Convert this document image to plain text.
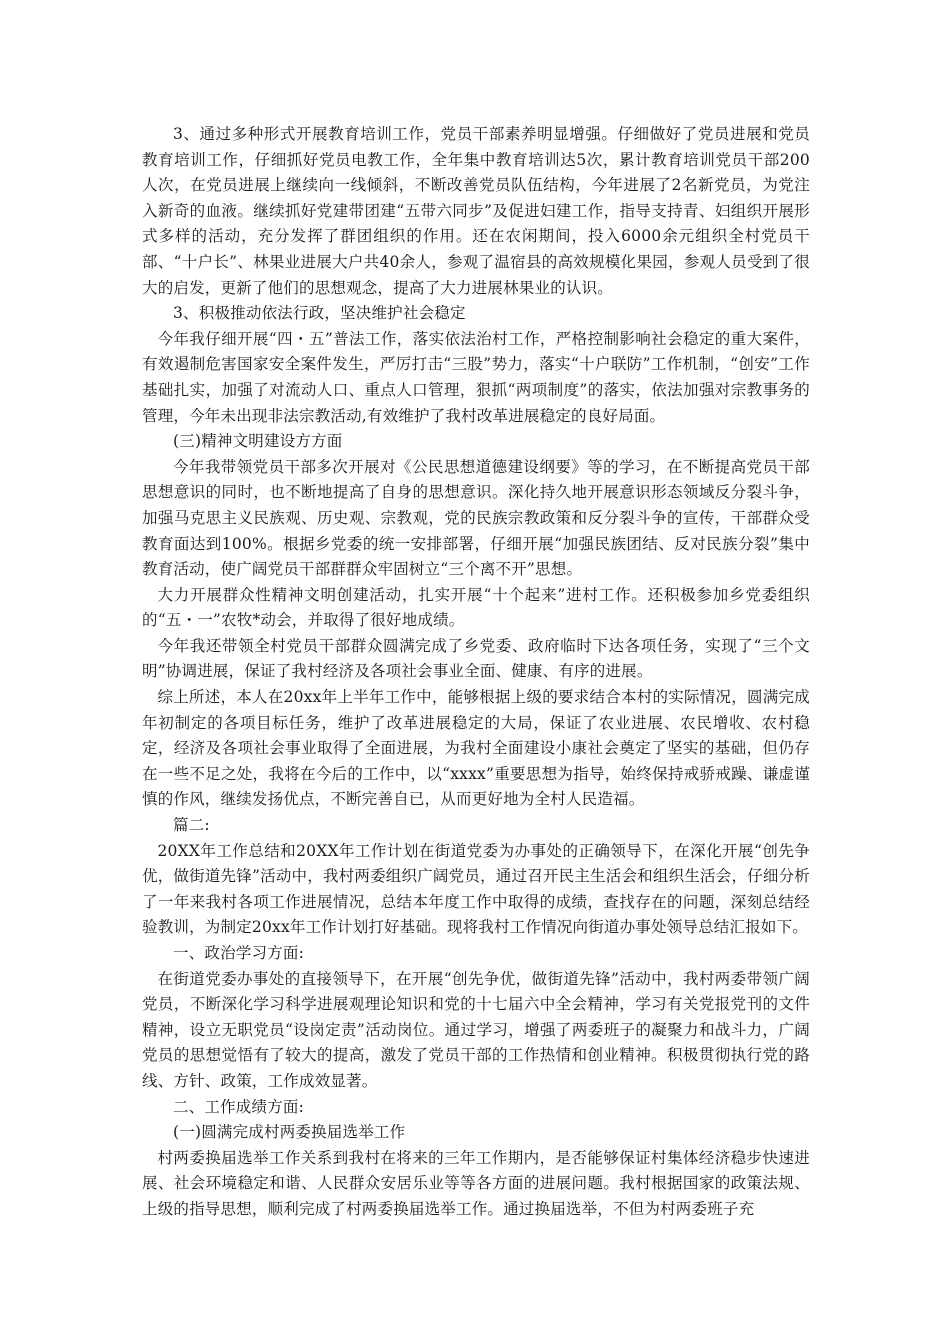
3、通过多种形式开展教育培训工作，党员干部素养明显增强。仔细做好了党员进展和党员教育培训工作，仔细抓好党员电教工作，全年集中教育培训达5次，累计教育培训党员干部200人次，在党员进展上继续向一线倾斜，不断改善党员队伍结构，今年进展了2名新党员，为党注入新奇的血液。继续抓好党建带团建“五带六同步”及促进妇建工作，指导支持青、妇组织开展形式多样的活动，充分发挥了群团组织的作用。还在农闲期间，投入6000余元组织全村党员干部、“十户长”、林果业进展大户共40余人，参观了温宿县的高效规模化果园，参观人员受到了很大的启发，更新了他们的思想观念，提高了大力进展林果业的认识。

3、积极推动依法行政，坚决维护社会稳定

今年我仔细开展“四・五”普法工作，落实依法治村工作，严格控制影响社会稳定的重大案件，有效遏制危害国家安全案件发生，严厉打击“三股”势力，落实“十户联防”工作机制，“创安”工作基础扎实，加强了对流动人口、重点人口管理，狠抓“两项制度”的落实，依法加强对宗教事务的管理，今年未出现非法宗教活动,有效维护了我村改革进展稳定的良好局面。

(三)精神文明建设方方面

今年我带领党员干部多次开展对《公民思想道德建设纲要》等的学习，在不断提高党员干部思想意识的同时，也不断地提高了自身的思想意识。深化持久地开展意识形态领域反分裂斗争，加强马克思主义民族观、历史观、宗教观，党的民族宗教政策和反分裂斗争的宣传，干部群众受教育面达到100%。根据乡党委的统一安排部署，仔细开展“加强民族团结、反对民族分裂”集中教育活动，使广阔党员干部群群众牢固树立“三个离不开”思想。

大力开展群众性精神文明创建活动，扎实开展“十个起来”进村工作。还积极参加乡党委组织的“五・一”农牧*动会，并取得了很好地成绩。

今年我还带领全村党员干部群众圆满完成了乡党委、政府临时下达各项任务，实现了“三个文明”协调进展，保证了我村经济及各项社会事业全面、健康、有序的进展。

综上所述，本人在20xx年上半年工作中，能够根据上级的要求结合本村的实际情况，圆满完成年初制定的各项目标任务，维护了改革进展稳定的大局，保证了农业进展、农民增收、农村稳定，经济及各项社会事业取得了全面进展，为我村全面建设小康社会奠定了坚实的基础，但仍存在一些不足之处，我将在今后的工作中，以“xxxx”重要思想为指导，始终保持戒骄戒躁、谦虚谨慎的作风，继续发扬优点，不断完善自已，从而更好地为全村人民造福。

篇二:

20XX年工作总结和20XX年工作计划在街道党委为办事处的正确领导下，在深化开展“创先争优，做街道先锋”活动中，我村两委组织广阔党员，通过召开民主生活会和组织生活会，仔细分析了一年来我村各项工作进展情况，总结本年度工作中取得的成绩，查找存在的问题，深刻总结经验教训，为制定20xx年工作计划打好基础。现将我村工作情况向街道办事处领导总结汇报如下。

一、政治学习方面:

在街道党委办事处的直接领导下，在开展“创先争优，做街道先锋”活动中，我村两委带领广阔党员，不断深化学习科学进展观理论知识和党的十七届六中全会精神，学习有关党报党刊的文件精神，设立无职党员“设岗定责”活动岗位。通过学习，增强了两委班子的凝聚力和战斗力，广阔党员的思想觉悟有了较大的提高，激发了党员干部的工作热情和创业精神。积极贯彻执行党的路线、方针、政策，工作成效显著。

二、工作成绩方面:

(一)圆满完成村两委换届选举工作

村两委换届选举工作关系到我村在将来的三年工作期内，是否能够保证村集体经济稳步快速进展、社会环境稳定和谐、人民群众安居乐业等等各方面的进展问题。我村根据国家的政策法规、上级的指导思想，顺利完成了村两委换届选举工作。通过换届选举，不但为村两委班子充
